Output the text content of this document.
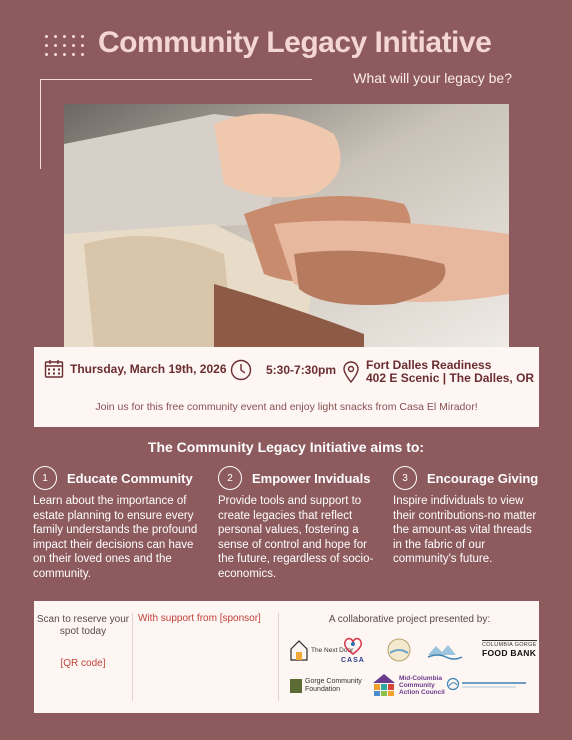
Community Legacy Initiative
What will your legacy be?
Thursday, March 19th, 2026	5:30-7:30pm Fort Dalles Readiness
402 E Scenic | The Dalles, OR
Join us for this free community event and enjoy light snacks from Casa El Mirador!
The Community Legacy Initiative aims to:
1	Educate Community
Learn about the importance of estate planning to ensure every family understands the profound impact their decisions can have on their loved ones and the community.
2	Empower Inviduals
Provide tools and support to create legacies that reflect personal values, fostering a sense of control and hope for the future, regardless of socio-economics.
3	Encourage Giving
Inspire individuals to view their contributions-no matter the amount-as vital threads in the fabric of our community's future.
Scan to reserve your spot today
[QR code]
With support from [sponsor]	A collaborative project presented by:
The Next Door
CASA
COLUMBIA GORGE
FOOD BANK
Gorge Community Foundation
Mid-Columbia
Community
Action Council
